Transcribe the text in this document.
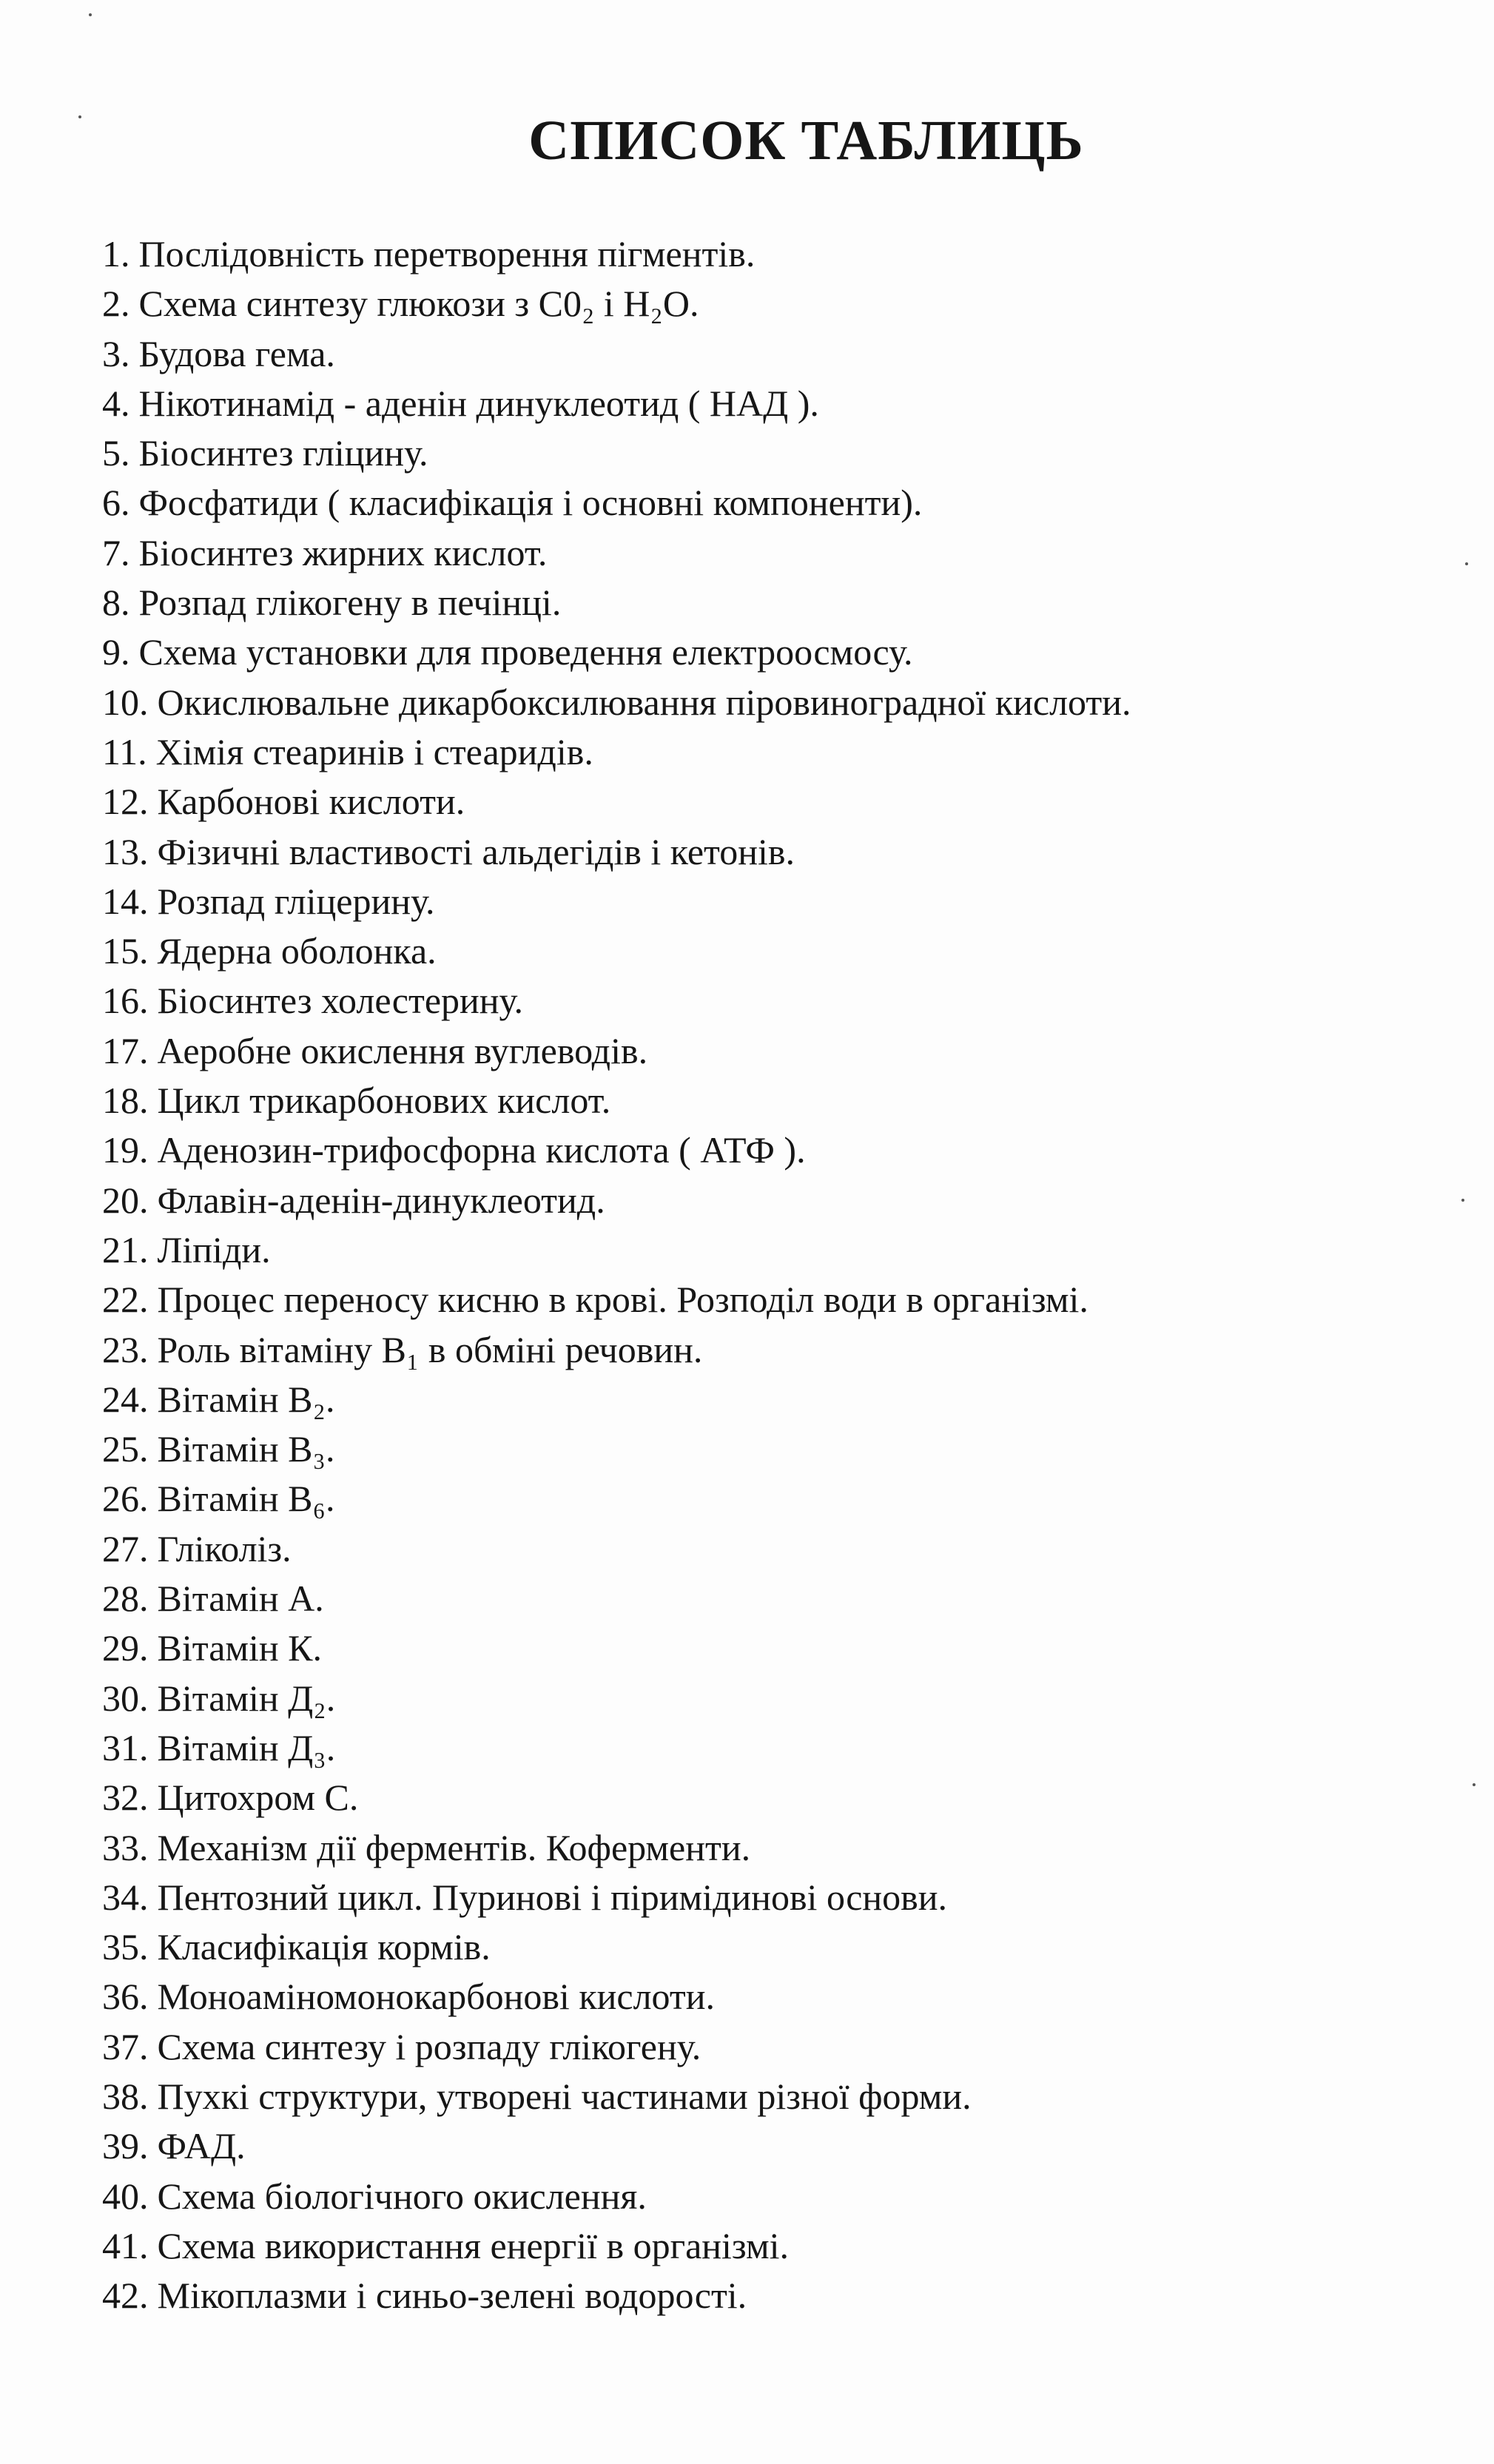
СПИСОК ТАБЛИЦЬ
1. Послідовність перетворення пігментів.
2. Схема синтезу глюкози з С0₂ і Н₂О.
3. Будова гема.
4. Нікотинамід - аденін динуклеотид ( НАД ).
5. Біосинтез гліцину.
6. Фосфатиди ( класифікація і основні компоненти).
7. Біосинтез жирних кислот.
8. Розпад глікогену в печінці.
9. Схема установки для проведення електроосмосу.
10. Окислювальне дикарбоксилювання піровиноградної кислоти.
11. Хімія стеаринів і стеаридів.
12. Карбонові кислоти.
13. Фізичні властивості альдегідів і кетонів.
14. Розпад гліцерину.
15. Ядерна оболонка.
16. Біосинтез холестерину.
17. Аеробне окислення вуглеводів.
18. Цикл трикарбонових кислот.
19. Аденозин-трифосфорна кислота ( АТФ ).
20. Флавін-аденін-динуклеотид.
21. Ліпіди.
22. Процес переносу кисню в крові. Розподіл води в організмі.
23. Роль вітаміну В₁ в обміні речовин.
24. Вітамін В₂.
25. Вітамін В₃.
26. Вітамін В₆.
27. Гліколіз.
28. Вітамін А.
29. Вітамін К.
30. Вітамін Д₂.
31. Вітамін Д₃.
32. Цитохром С.
33. Механізм дії ферментів. Коферменти.
34. Пентозний цикл. Пуринові і піримідинові основи.
35. Класифікація кормів.
36. Моноаміномонокарбонові кислоти.
37. Схема синтезу і розпаду глікогену.
38. Пухкі структури, утворені частинами різної форми.
39. ФАД.
40. Схема біологічного окислення.
41. Схема використання енергії в організмі.
42. Мікоплазми і синьо-зелені водорості.
